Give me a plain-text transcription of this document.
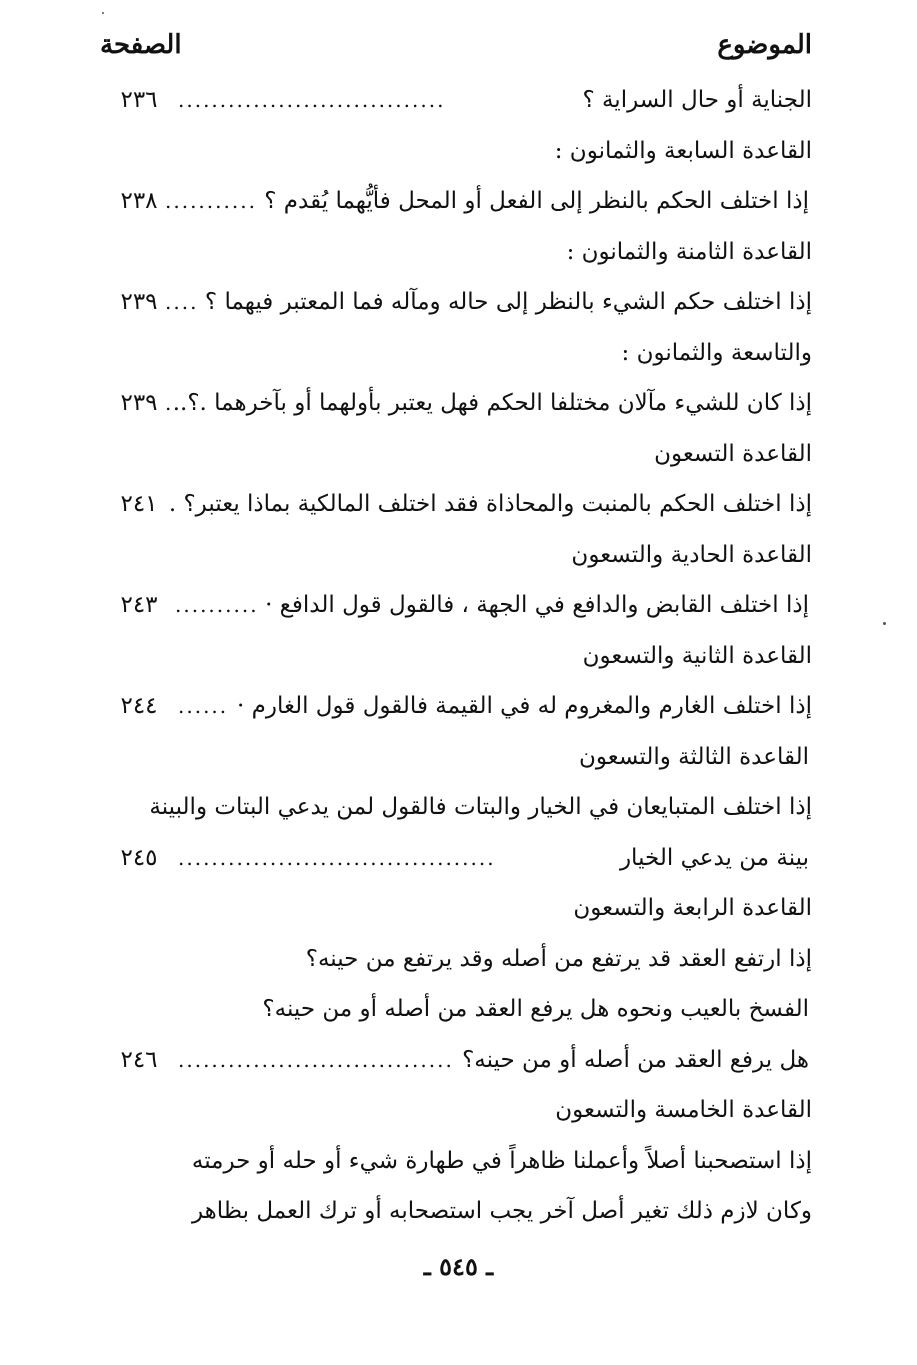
الموضوع
الصفحة
الجناية أو حال السراية ؟
................................
٢٣٦
القاعدة السابعة والثمانون :
إذا اختلف الحكم بالنظر إلى الفعل أو المحل فأيُّهما يُقدم ؟
...........
٢٣٨
القاعدة الثامنة والثمانون :
إذا اختلف حكم الشيء بالنظر إلى حاله ومآله فما المعتبر فيهما ؟
....
٢٣٩
والتاسعة والثمانون :
إذا كان للشيء مآلان مختلفا الحكم فهل يعتبر بأولهما أو بآخرهما .؟..
.
٢٣٩
القاعدة التسعون
إذا اختلف الحكم بالمنبت والمحاذاة فقد اختلف المالكية بماذا يعتبر؟ .
٢٤١
القاعدة الحادية والتسعون
إذا اختلف القابض والدافع في الجهة ، فالقول قول الدافع ·
..........
٢٤٣
القاعدة الثانية والتسعون
إذا اختلف الغارم والمغروم له في القيمة فالقول قول الغارم ·
......
٢٤٤
القاعدة الثالثة والتسعون
إذا اختلف المتبايعان في الخيار والبتات فالقول لمن يدعي البتات والبينة
بينة من يدعي الخيار
......................................
٢٤٥
القاعدة الرابعة والتسعون
إذا ارتفع العقد قد يرتفع من أصله وقد يرتفع من حينه؟
الفسخ بالعيب ونحوه هل يرفع العقد من أصله أو من حينه؟
هل يرفع العقد من أصله أو من حينه؟
.................................
٢٤٦
القاعدة الخامسة والتسعون
إذا استصحبنا أصلاً وأعملنا ظاهراً في طهارة شيء أو حله أو حرمته
وكان لازم ذلك تغير أصل آخر يجب استصحابه أو ترك العمل بظاهر
ـ ٥٤٥ ـ
